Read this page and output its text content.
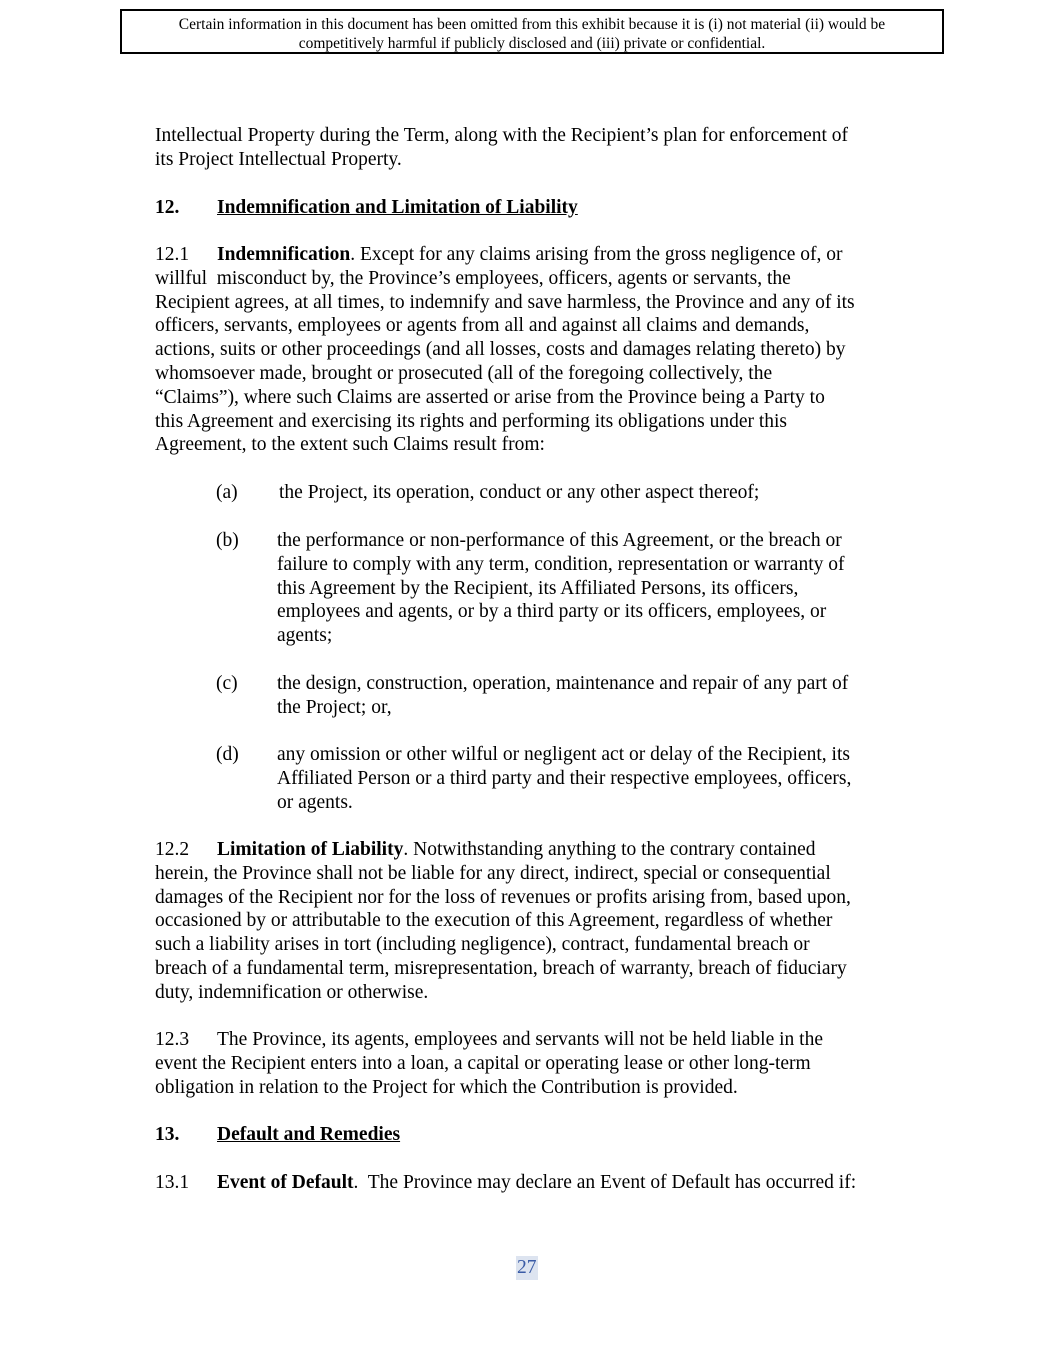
Certain information in this document has been omitted from this exhibit because it is (i) not material (ii) would be
competitively harmful if publicly disclosed and (iii) private or confidential.
Intellectual Property during the Term, along with the Recipient’s plan for enforcement of
its Project Intellectual Property.
12. Indemnification and Limitation of Liability
12.1 Indemnification. Except for any claims arising from the gross negligence of, or
willful  misconduct by, the Province’s employees, officers, agents or servants, the
Recipient agrees, at all times, to indemnify and save harmless, the Province and any of its
officers, servants, employees or agents from all and against all claims and demands,
actions, suits or other proceedings (and all losses, costs and damages relating thereto) by
whomsoever made, brought or prosecuted (all of the foregoing collectively, the
“Claims”), where such Claims are asserted or arise from the Province being a Party to
this Agreement and exercising its rights and performing its obligations under this
Agreement, to the extent such Claims result from:
(a) the Project, its operation, conduct or any other aspect thereof;
(b) the performance or non-performance of this Agreement, or the breach or
failure to comply with any term, condition, representation or warranty of
this Agreement by the Recipient, its Affiliated Persons, its officers,
employees and agents, or by a third party or its officers, employees, or
agents;
(c) the design, construction, operation, maintenance and repair of any part of
the Project; or,
(d) any omission or other wilful or negligent act or delay of the Recipient, its
Affiliated Person or a third party and their respective employees, officers,
or agents.
12.2 Limitation of Liability. Notwithstanding anything to the contrary contained
herein, the Province shall not be liable for any direct, indirect, special or consequential
damages of the Recipient nor for the loss of revenues or profits arising from, based upon,
occasioned by or attributable to the execution of this Agreement, regardless of whether
such a liability arises in tort (including negligence), contract, fundamental breach or
breach of a fundamental term, misrepresentation, breach of warranty, breach of fiduciary
duty, indemnification or otherwise.
12.3 The Province, its agents, employees and servants will not be held liable in the
event the Recipient enters into a loan, a capital or operating lease or other long-term
obligation in relation to the Project for which the Contribution is provided.
13. Default and Remedies
13.1 Event of Default.  The Province may declare an Event of Default has occurred if:
27
